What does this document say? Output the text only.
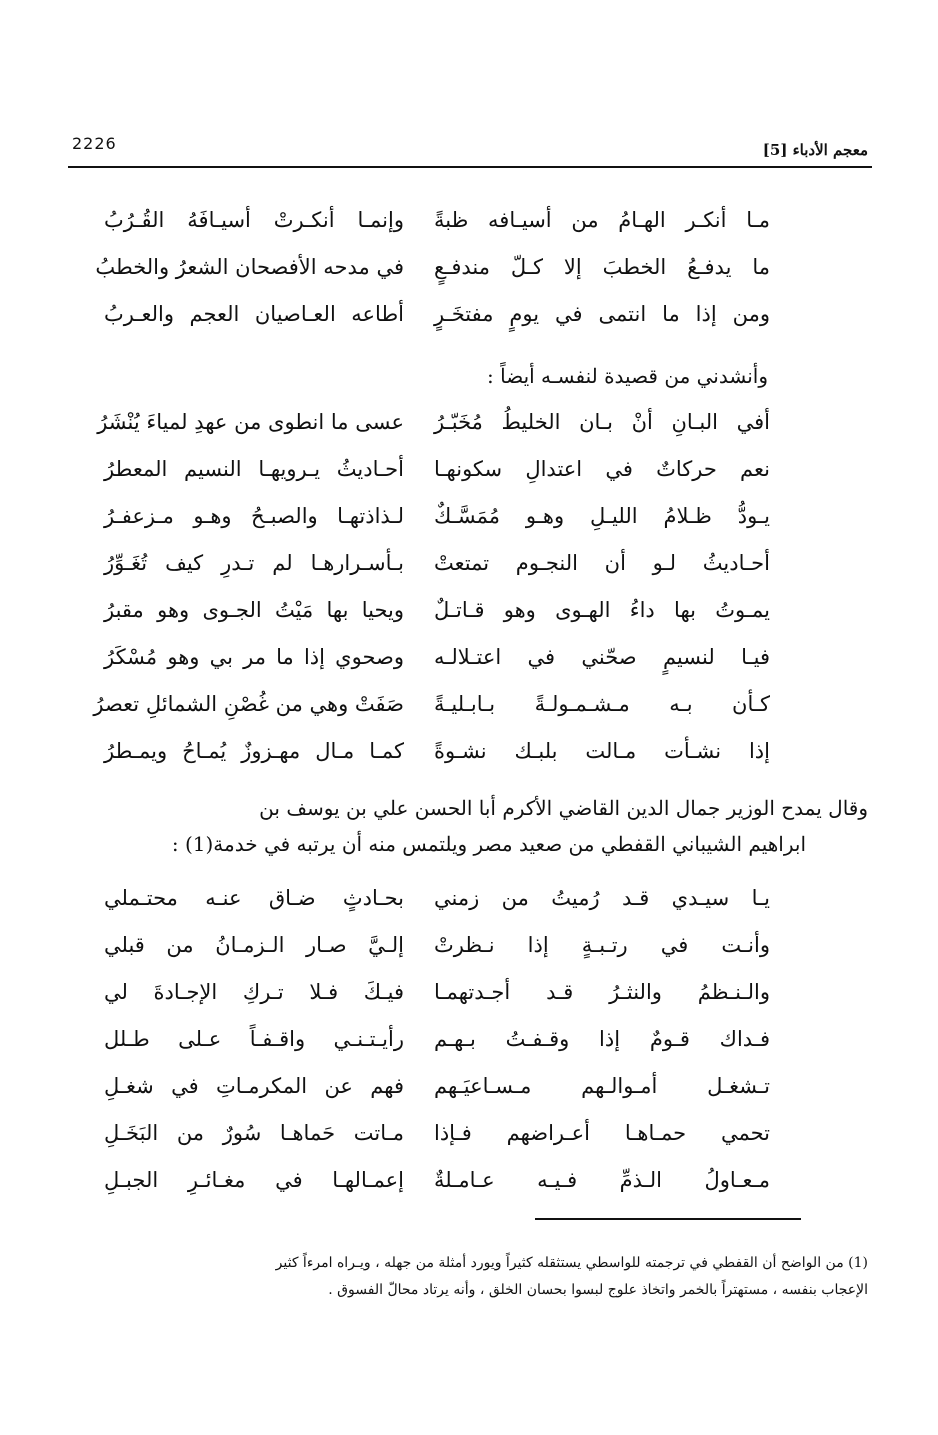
2226	معجم الأدباء [5]
مـا أنكـر الهـامُ من أسيـافه ظبةً
وإنمـا أنكـرتْ أسيـافَهُ القُـرُبُ
ما يدفـعُ الخطبَ إلا كـلّ مندفـعٍ
في مدحه الأفصحان الشعرُ والخطبُ
ومن إذا ما انتمى في يومٍ مفتخَـرٍ
أطاعه العـاصيان العجم والعـربُ
وأنشدني من قصيدة لنفسـه أيضاً :
أفي البـانِ أنْ بـان الخليطُ مُخَبّـرُ
عسى ما انطوى من عهدِ لمياءَ يُنْشَرُ
نعم حركاتٌ في اعتدالِ سكونهـا
أحـاديثُ يـرويهـا النسيم المعطرُ
يـودُّ ظـلامُ الليـلِ وهـو مُمَسَّـكٌ
لـذاذتهـا والصبـحُ وهـو مـزعفـرُ
أحـاديثُ لـو أن النجـوم تمتعتْ
بـأسـرارهـا لم تـدرِ كيف تُغَـوِّرُ
يمـوتُ بها داءُ الهـوى وهو قـاتـلٌ
ويحيا بها مَيْتُ الجـوى وهو مقبرُ
فيـا لنسيمٍ صحّني في اعتـلالـه
وصحوي إذا ما مر بي وهو مُسْكَرُ
كـأن بـه مـشـمـولـةً بـابـليـةً
صَفَتْ وهي من غُصْنِ الشمائلِ تعصرُ
إذا نشـأت مـالت بلبـك نشـوةً
كمـا مـال مهـزوزٌ يُمـاحُ ويمـطرُ
وقال يمدح الوزير جمال الدين القاضي الأكرم أبا الحسن علي بن يوسف بن
ابراهيم الشيباني القفطي من صعيد مصر ويلتمس منه أن يرتبه في خدمة(1) :
يـا سيـدي قـد رُميتُ من زمني
بحـادثٍ ضـاق عنـه محتـملي
وأنـت في رتـبـةٍ إذا نـظرتْ
إلـيَّ صـار الـزمـانُ من قبلي
والـنـظمُ والنثـرُ قـد أجـدتهمـا
فيـكَ فـلا تـركِ الإجـادةَ لي
فـداك قـومٌ إذا وقـفـتُ بـهـم
رأيـتـنـي واقـفـاً عـلى طـلل
تـشغـل أمـوالـهم مـسـاعيَـهم
فهم عن المكرمـاتِ في شغـلِ
تحمي حمـاهـا أعـراضهم فـإذا
مـاتت حَماهـا سُورٌ من البَخَـلِ
مـعـاولُ الـذمِّ فـيـه عـامـلةٌ
إعمـالهـا في مغـائـرِ الجبـلِ
(1) من الواضح أن القفطي في ترجمته للواسطي يستثقله كثيراً ويورد أمثلة من جهله ، ويـراه امرءاً كثير
الإعجاب بنفسه ، مستهتراً بالخمر واتخاذ علوج لبسوا بحسان الخلق ، وأنه يرتاد محالّ الفسوق .
